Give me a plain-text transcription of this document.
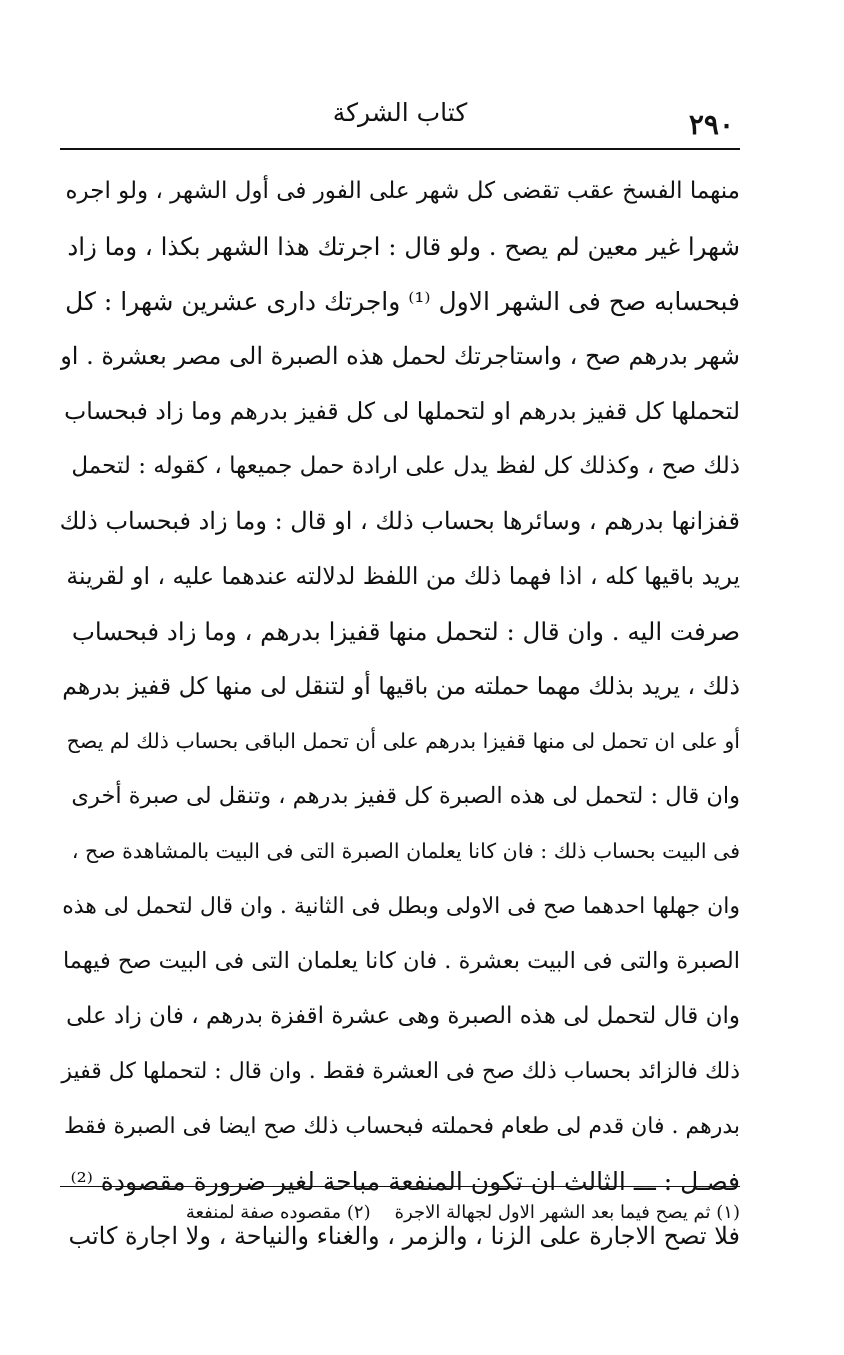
٢٩٠
كتاب الشركة
منهما الفسخ عقب تقضى كل شهر على الفور فى أول الشهر ، ولو اجره
شهرا غير معين لم يصح . ولو قال : اجرتك هذا الشهر بكذا ، وما زاد
فبحسابه صح فى الشهر الاول ⁽¹⁾ واجرتك دارى عشرين شهرا : كل
شهر بدرهم صح ، واستاجرتك لحمل هذه الصبرة الى مصر بعشرة . او
لتحملها كل قفيز بدرهم او لتحملها لى كل قفيز بدرهم وما زاد فبحساب
ذلك صح ، وكذلك كل لفظ يدل على ارادة حمل جميعها ، كقوله : لتحمل
قفزانها بدرهم ، وسائرها بحساب ذلك ، او قال : وما زاد فبحساب ذلك
يريد باقيها كله ، اذا فهما ذلك من اللفظ لدلالته عندهما عليه ، او لقرينة
صرفت اليه . وان قال : لتحمل منها قفيزا بدرهم ، وما زاد فبحساب
ذلك ، يريد بذلك مهما حملته من باقيها أو لتنقل لى منها كل قفيز بدرهم
أو على ان تحمل لى منها قفيزا بدرهم على أن تحمل الباقى بحساب ذلك لم يصح
وان قال : لتحمل لى هذه الصبرة كل قفيز بدرهم ، وتنقل لى صبرة أخرى
فى البيت بحساب ذلك : فان كانا يعلمان الصبرة التى فى البيت بالمشاهدة صح ،
وان جهلها احدهما صح فى الاولى وبطل فى الثانية . وان قال لتحمل لى هذه
الصبرة والتى فى البيت بعشرة . فان كانا يعلمان التى فى البيت صح فيهما
وان قال لتحمل لى هذه الصبرة وهى عشرة اقفزة بدرهم ، فان زاد على
ذلك فالزائد بحساب ذلك صح فى العشرة فقط . وان قال : لتحملها كل قفيز
بدرهم . فان قدم لى طعام فحملته فبحساب ذلك صح ايضا فى الصبرة فقط
فصـل : ـــ الثالث ان تكون المنفعة مباحة لغير ضرورة مقصودة ⁽²⁾
فلا تصح الاجارة على الزنا ، والزمر ، والغناء والنياحة ، ولا اجارة كاتب
(١) ثم يصح فيما بعد الشهر الاول لجهالة الاجرة(٢) مقصوده صفة لمنفعة
